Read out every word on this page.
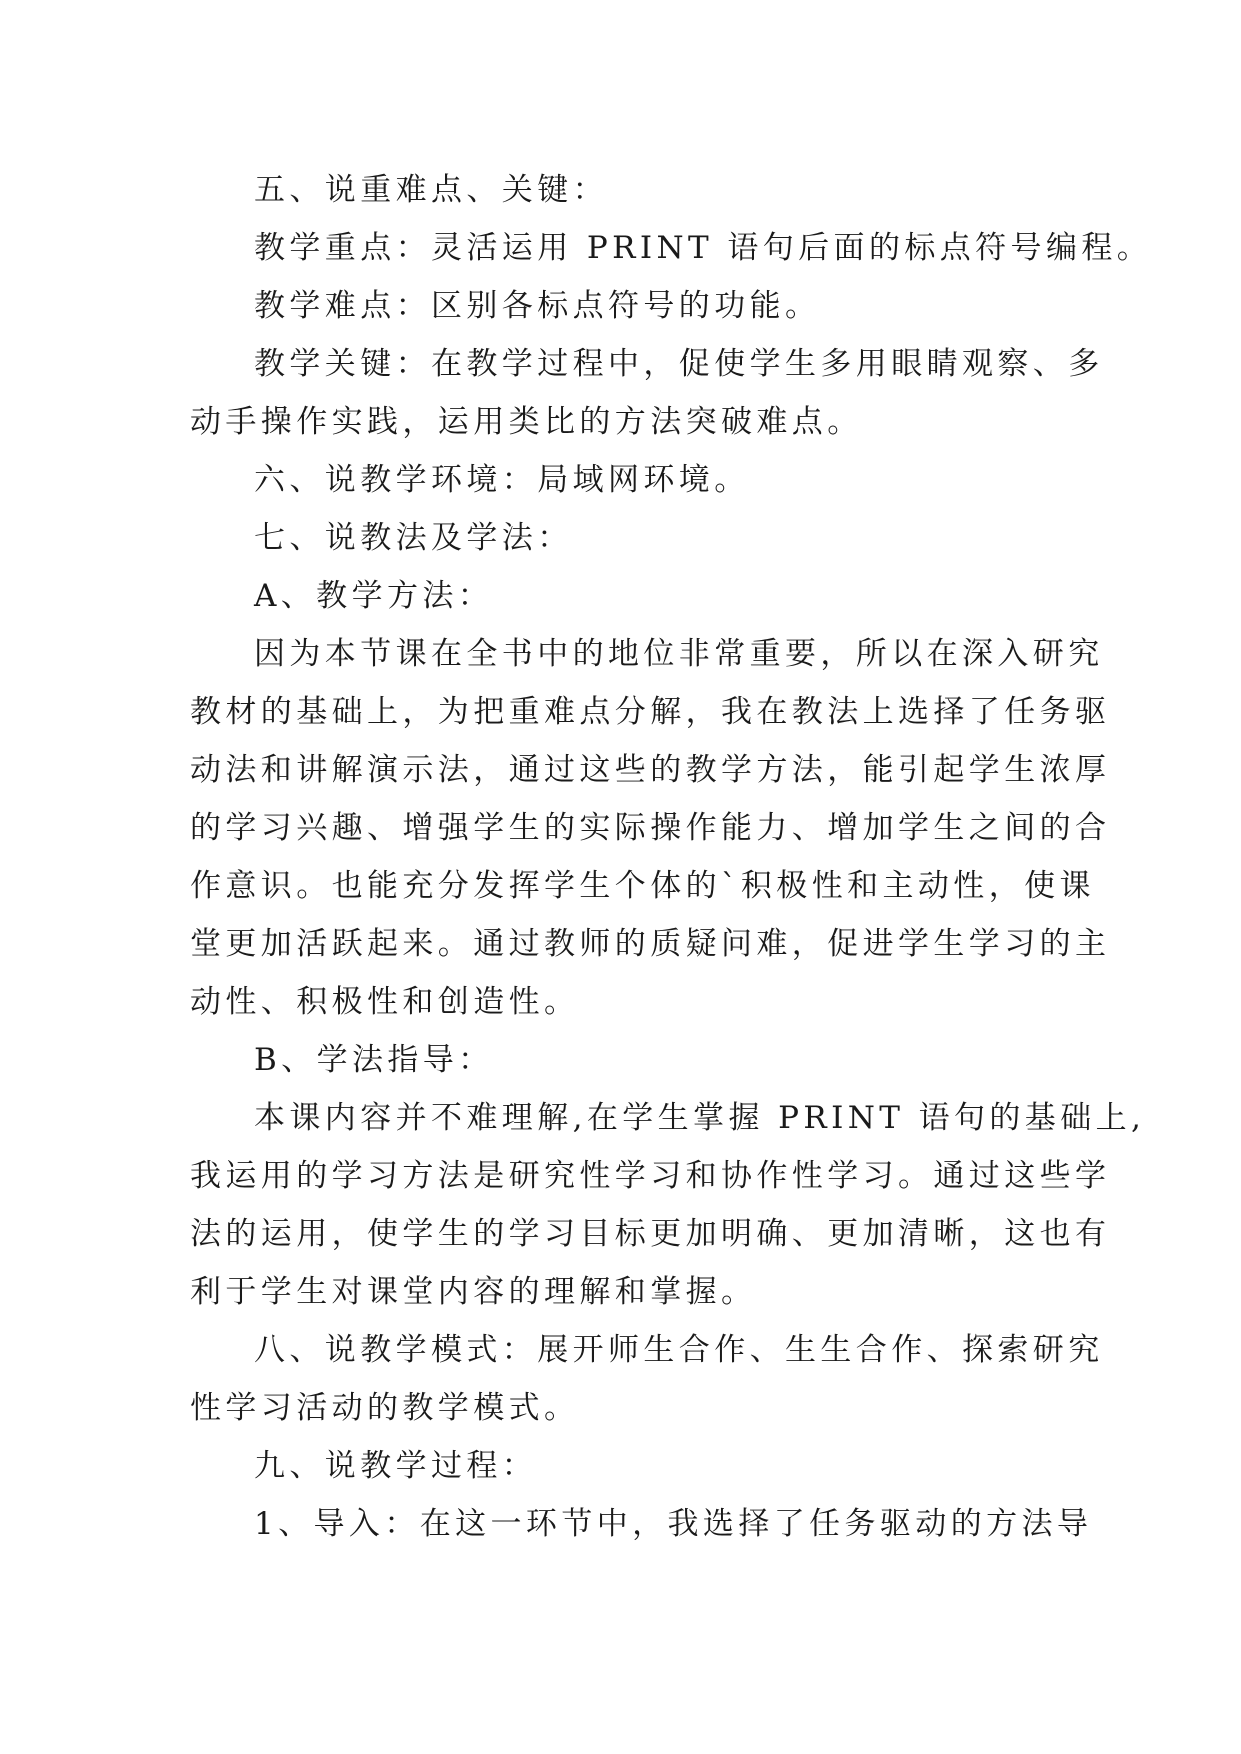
五、说重难点、关键：
教学重点：灵活运用 PRINT 语句后面的标点符号编程。
教学难点：区别各标点符号的功能。
教学关键：在教学过程中，促使学生多用眼睛观察、多
动手操作实践，运用类比的方法突破难点。
六、说教学环境：局域网环境。
七、说教法及学法：
A、教学方法：
因为本节课在全书中的地位非常重要，所以在深入研究
教材的基础上，为把重难点分解，我在教法上选择了任务驱
动法和讲解演示法，通过这些的教学方法，能引起学生浓厚
的学习兴趣、增强学生的实际操作能力、增加学生之间的合
作意识。也能充分发挥学生个体的`积极性和主动性，使课
堂更加活跃起来。通过教师的质疑问难，促进学生学习的主
动性、积极性和创造性。
B、学法指导：
本课内容并不难理解,在学生掌握 PRINT 语句的基础上,
我运用的学习方法是研究性学习和协作性学习。通过这些学
法的运用，使学生的学习目标更加明确、更加清晰，这也有
利于学生对课堂内容的理解和掌握。
八、说教学模式：展开师生合作、生生合作、探索研究
性学习活动的教学模式。
九、说教学过程：
1、导入：在这一环节中，我选择了任务驱动的方法导
